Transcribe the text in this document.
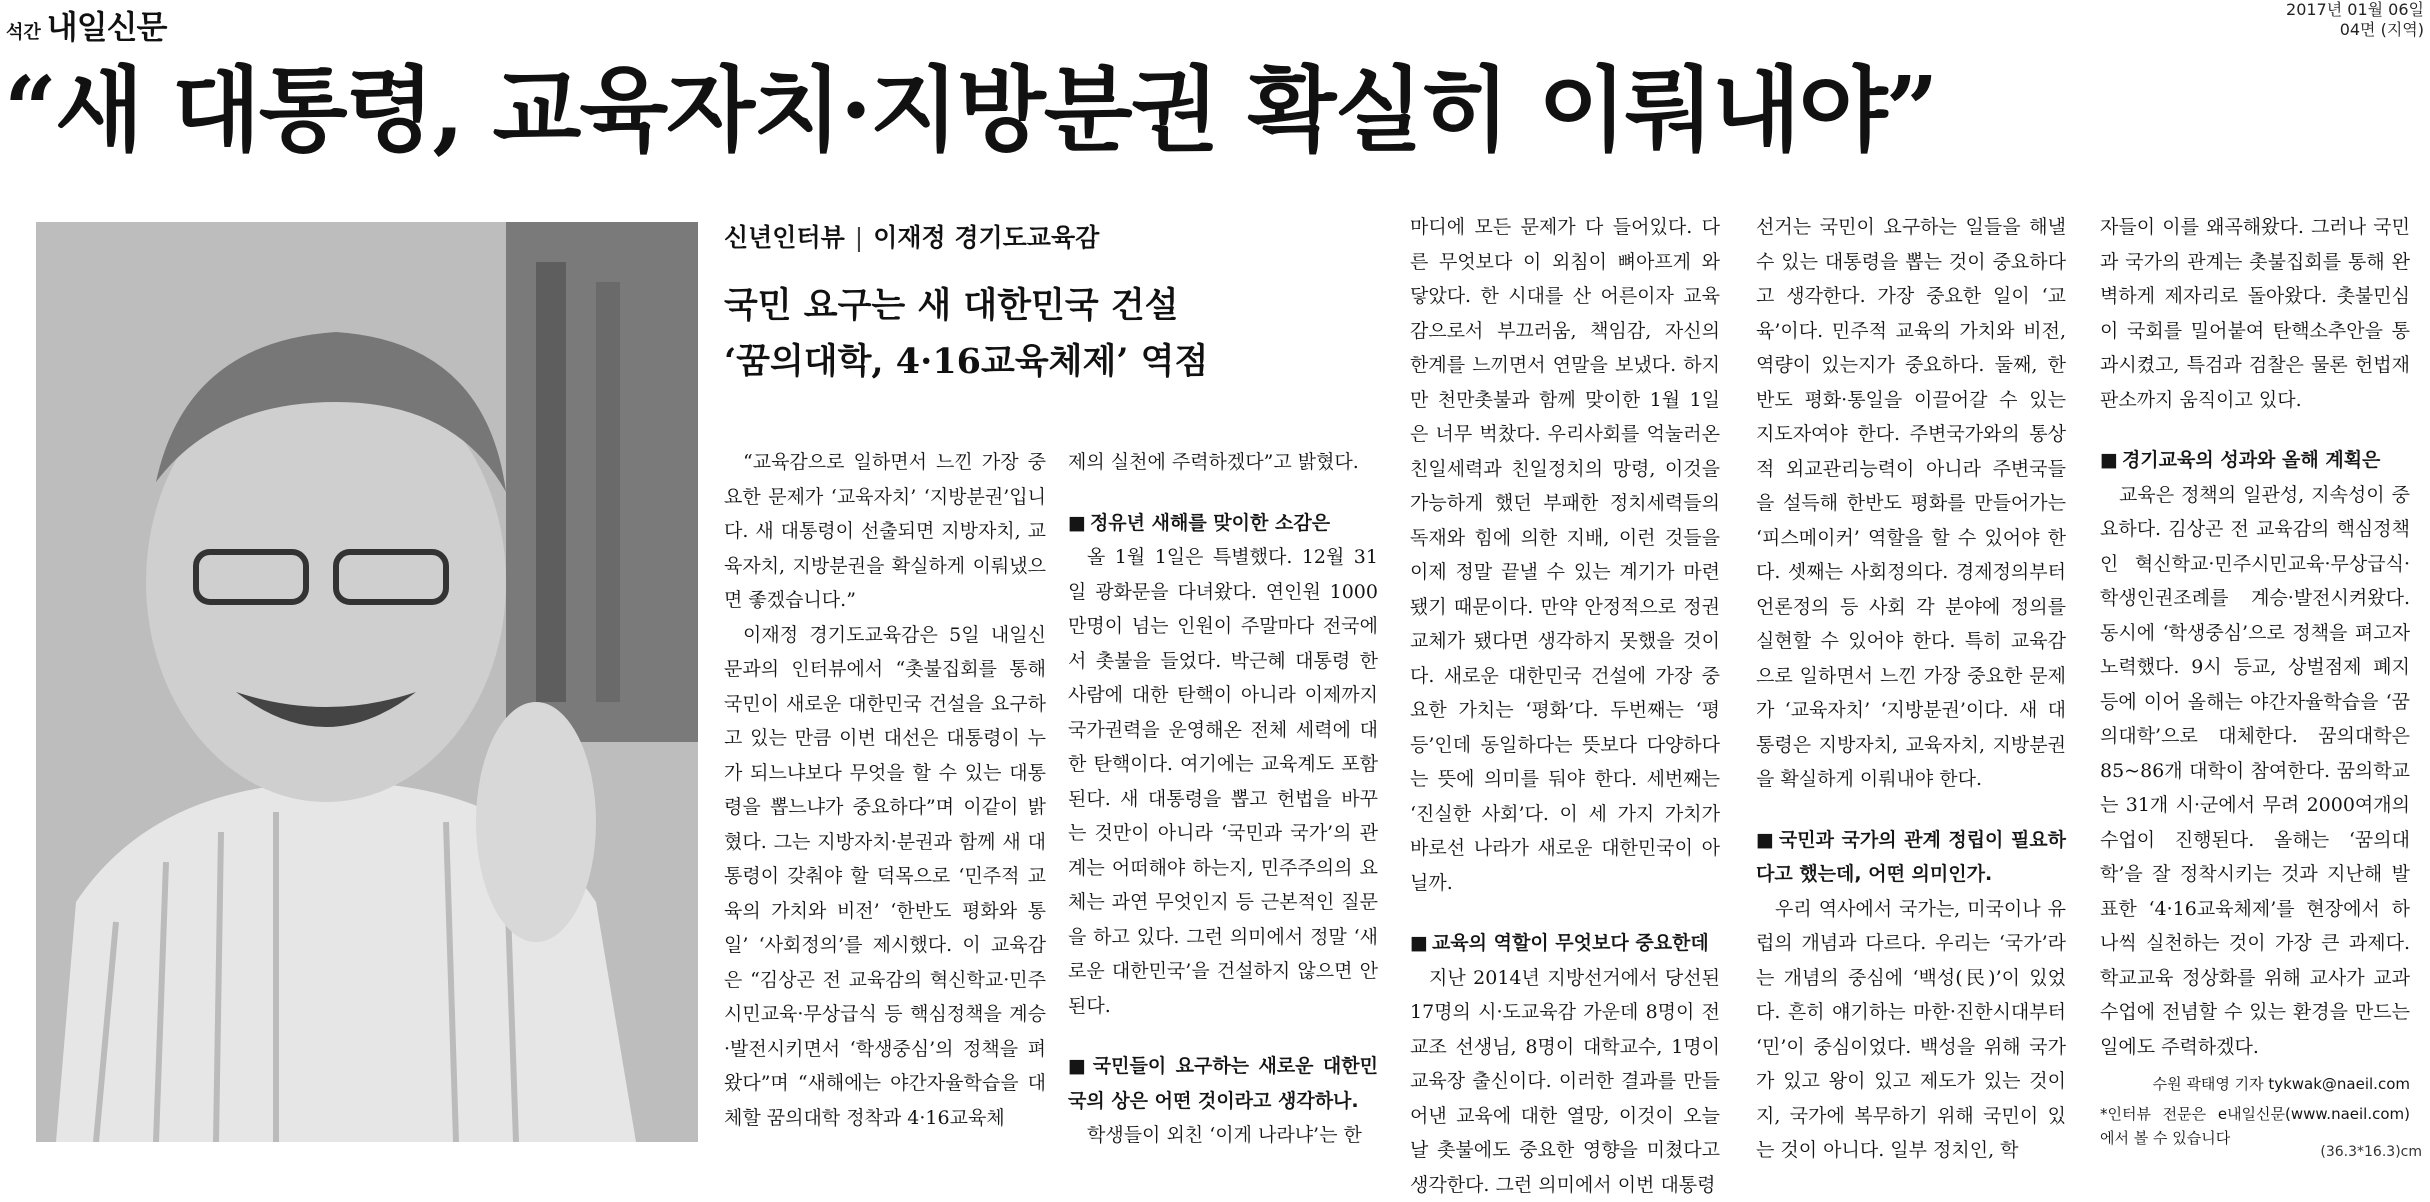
석간 내일신문	2017년 01월 06일
04면 (지역)
“새 대통령, 교육자치·지방분권 확실히 이뤄내야”
신년인터뷰 | 이재정 경기도교육감
국민 요구는 새 대한민국 건설
‘꿈의대학, 4·16교육체제’ 역점

“교육감으로 일하면서 느낀 가장 중요한 문제가 ‘교육자치’ ‘지방분권’입니다. 새 대통령이 선출되면 지방자치, 교육자치, 지방분권을 확실하게 이뤄냈으면 좋겠습니다.”

이재정 경기도교육감은 5일 내일신문과의 인터뷰에서 “촛불집회를 통해 국민이 새로운 대한민국 건설을 요구하고 있는 만큼 이번 대선은 대통령이 누가 되느냐보다 무엇을 할 수 있는 대통령을 뽑느냐가 중요하다”며 이같이 밝혔다. 그는 지방자치·분권과 함께 새 대통령이 갖춰야 할 덕목으로 ‘민주적 교육의 가치와 비전’ ‘한반도 평화와 통일’ ‘사회정의’를 제시했다. 이 교육감은 “김상곤 전 교육감의 혁신학교·민주시민교육·무상급식 등 핵심정책을 계승·발전시키면서 ‘학생중심’의 정책을 펴왔다”며 “새해에는 야간자율학습을 대체할 꿈의대학 정착과 4·16교육체

제의 실천에 주력하겠다”고 밝혔다.

■ 정유년 새해를 맞이한 소감은

올 1월 1일은 특별했다. 12월 31일 광화문을 다녀왔다. 연인원 1000만명이 넘는 인원이 주말마다 전국에서 촛불을 들었다. 박근혜 대통령 한 사람에 대한 탄핵이 아니라 이제까지 국가권력을 운영해온 전체 세력에 대한 탄핵이다. 여기에는 교육계도 포함된다. 새 대통령을 뽑고 헌법을 바꾸는 것만이 아니라 ‘국민과 국가’의 관계는 어떠해야 하는지, 민주주의의 요체는 과연 무엇인지 등 근본적인 질문을 하고 있다. 그런 의미에서 정말 ‘새로운 대한민국’을 건설하지 않으면 안된다.

■ 국민들이 요구하는 새로운 대한민국의 상은 어떤 것이라고 생각하나.

학생들이 외친 ‘이게 나라냐’는 한

마디에 모든 문제가 다 들어있다. 다 른 무엇보다 이 외침이 뼈아프게 와 닿았다. 한 시대를 산 어른이자 교육감으로서 부끄러움, 책임감, 자신의 한계를 느끼면서 연말을 보냈다. 하지만 천만촛불과 함께 맞이한 1월 1일은 너무 벅찼다. 우리사회를 억눌러온 친일세력과 친일정치의 망령, 이것을 가능하게 했던 부패한 정치세력들의 독재와 힘에 의한 지배, 이런 것들을 이제 정말 끝낼 수 있는 계기가 마련됐기 때문이다. 만약 안정적으로 정권교체가 됐다면 생각하지 못했을 것이다. 새로운 대한민국 건설에 가장 중요한 가치는 ‘평화’다. 두번째는 ‘평등’인데 동일하다는 뜻보다 다양하다는 뜻에 의미를 둬야 한다. 세번째는 ‘진실한 사회’다. 이 세 가지 가치가 바로선 나라가 새로운 대한민국이 아닐까.

■ 교육의 역할이 무엇보다 중요한데

지난 2014년 지방선거에서 당선된 17명의 시·도교육감 가운데 8명이 전교조 선생님, 8명이 대학교수, 1명이 교육장 출신이다. 이러한 결과를 만들어낸 교육에 대한 열망, 이것이 오늘날 촛불에도 중요한 영향을 미쳤다고 생각한다. 그런 의미에서 이번 대통령

선거는 국민이 요구하는 일들을 해낼 수 있는 대통령을 뽑는 것이 중요하다고 생각한다. 가장 중요한 일이 ‘교육’이다. 민주적 교육의 가치와 비전, 역량이 있는지가 중요하다. 둘째, 한반도 평화·통일을 이끌어갈 수 있는 지도자여야 한다. 주변국가와의 통상적 외교관리능력이 아니라 주변국들을 설득해 한반도 평화를 만들어가는 ‘피스메이커’ 역할을 할 수 있어야 한다. 셋째는 사회정의다. 경제정의부터 언론정의 등 사회 각 분야에 정의를 실현할 수 있어야 한다. 특히 교육감으로 일하면서 느낀 가장 중요한 문제가 ‘교육자치’ ‘지방분권’이다. 새 대통령은 지방자치, 교육자치, 지방분권을 확실하게 이뤄내야 한다.

■ 국민과 국가의 관계 정립이 필요하다고 했는데, 어떤 의미인가.

우리 역사에서 국가는, 미국이나 유럽의 개념과 다르다. 우리는 ‘국가’라는 개념의 중심에 ‘백성(民)’이 있었다. 흔히 얘기하는 마한·진한시대부터 ‘민’이 중심이었다. 백성을 위해 국가가 있고 왕이 있고 제도가 있는 것이지, 국가에 복무하기 위해 국민이 있는 것이 아니다. 일부 정치인, 학

자들이 이를 왜곡해왔다. 그러나 국민과 국가의 관계는 촛불집회를 통해 완벽하게 제자리로 돌아왔다. 촛불민심이 국회를 밀어붙여 탄핵소추안을 통과시켰고, 특검과 검찰은 물론 헌법재판소까지 움직이고 있다.

■ 경기교육의 성과와 올해 계획은

교육은 정책의 일관성, 지속성이 중요하다. 김상곤 전 교육감의 핵심정책인 혁신학교·민주시민교육·무상급식·학생인권조례를 계승·발전시켜왔다. 동시에 ‘학생중심’으로 정책을 펴고자 노력했다. 9시 등교, 상벌점제 폐지 등에 이어 올해는 야간자율학습을 ‘꿈의대학’으로 대체한다. 꿈의대학은 85~86개 대학이 참여한다. 꿈의학교는 31개 시·군에서 무려 2000여개의 수업이 진행된다. 올해는 ‘꿈의대학’을 잘 정착시키는 것과 지난해 발표한 ‘4·16교육체제’를 현장에서 하나씩 실천하는 것이 가장 큰 과제다. 학교교육 정상화를 위해 교사가 교과 수업에 전념할 수 있는 환경을 만드는 일에도 주력하겠다.

수원 곽태영 기자 tykwak@naeil.com
*인터뷰 전문은 e내일신문(www.naeil.com)에서 볼 수 있습니다
(36.3*16.3)cm
